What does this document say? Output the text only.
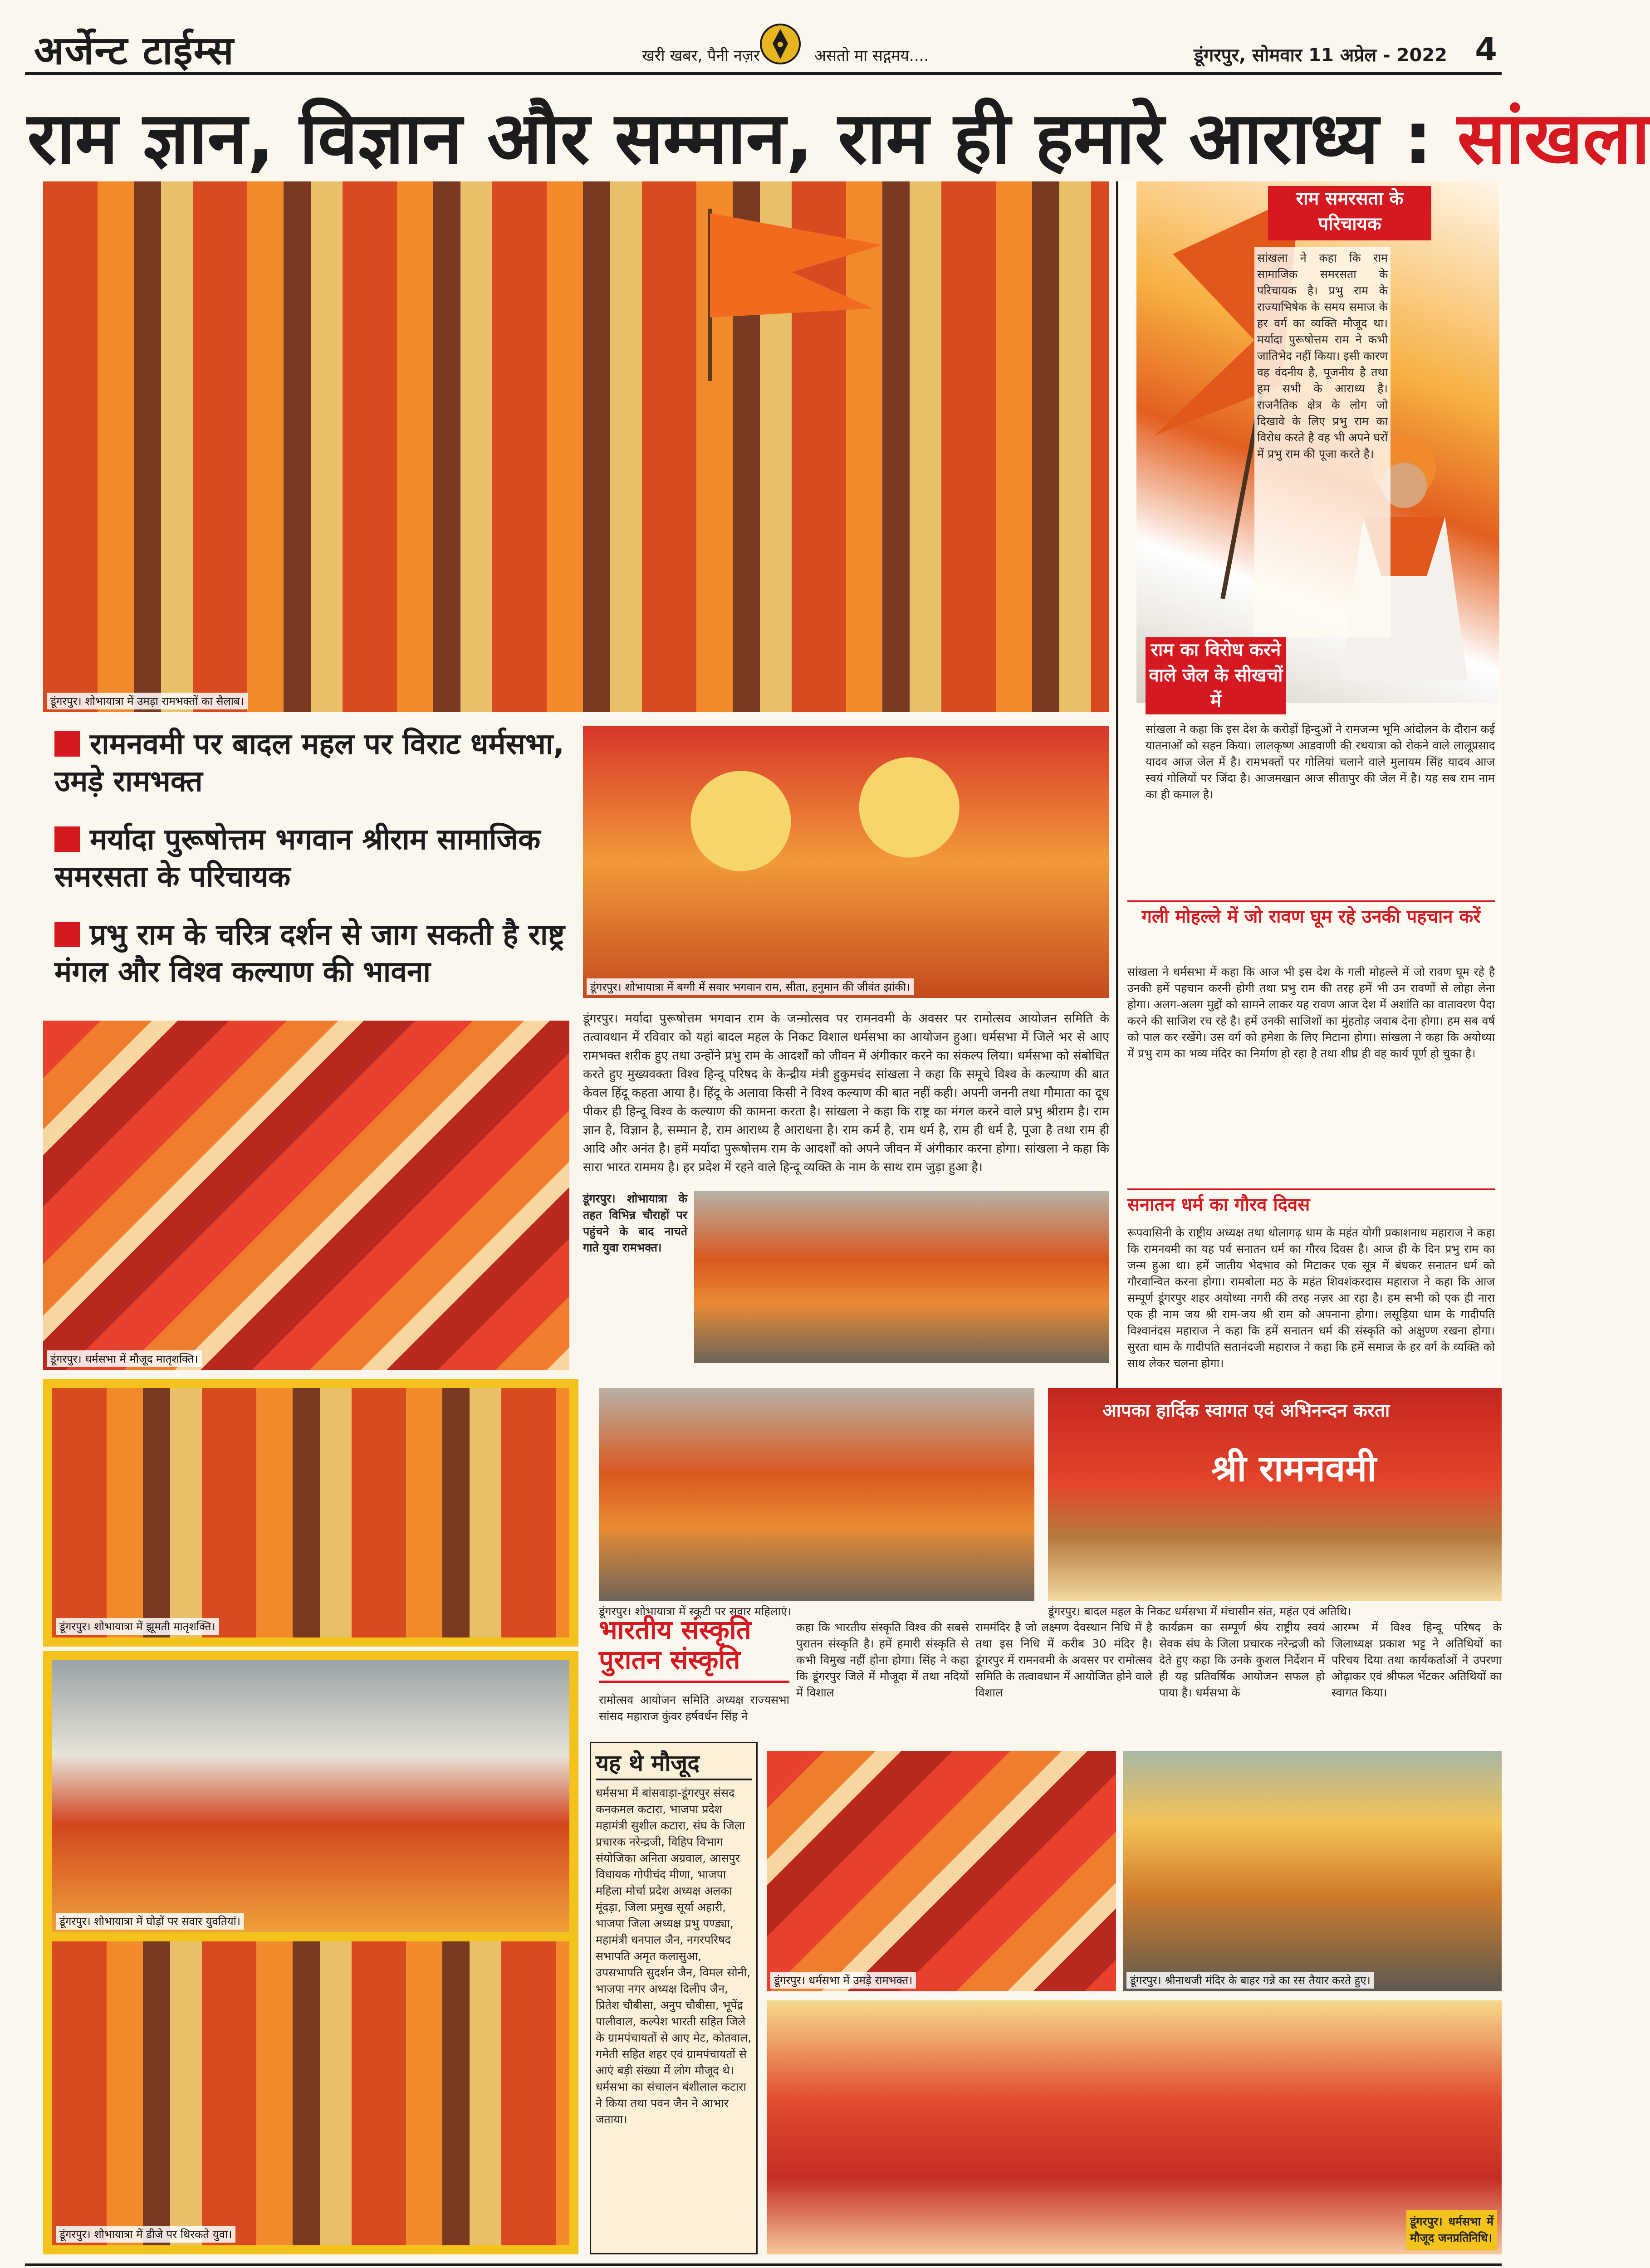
अर्जेन्ट टाईम्स	खरी खबर, पैनी नज़र	असतो मा सद्गमय....	डूंगरपुर, सोमवार 11 अप्रेल - 2022 4
राम ज्ञान, विज्ञान और सम्मान, राम ही हमारे आराध्य : सांखला
डूंगरपुर। शोभायात्रा में उमड़ा रामभक्तों का सैलाब।
राम समरसता के परिचायक
सांखला ने कहा कि राम सामाजिक समरसता के परिचायक है। प्रभु राम के राज्याभिषेक के समय समाज के हर वर्ग का व्यक्ति मौजूद था। मर्यादा पुरूषोत्तम राम ने कभी जातिभेद नहीं किया। इसी कारण वह वंदनीय है, पूजनीय है तथा हम सभी के आराध्य है। राजनैतिक क्षेत्र के लोग जो दिखावे के लिए प्रभु राम का विरोध करते है वह भी अपने घरों में प्रभु राम की पूजा करते है।
राम का विरोध करने वाले जेल के सीखचों में
सांखला ने कहा कि इस देश के करोड़ों हिन्दुओं ने रामजन्म भूमि आंदोलन के दौरान कई यातनाओं को सहन किया। लालकृष्ण आडवाणी की रथयात्रा को रोकने वाले लालूप्रसाद यादव आज जेल में है। रामभक्तों पर गोलियां चलाने वाले मुलायम सिंह यादव आज स्वयं गोलियों पर जिंदा है। आजमखान आज सीतापुर की जेल में है। यह सब राम नाम का ही कमाल है।
गली मोहल्ले में जो रावण घूम रहे उनकी पहचान करें
सांखला ने धर्मसभा में कहा कि आज भी इस देश के गली मोहल्ले में जो रावण घूम रहे है उनकी हमें पहचान करनी होगी तथा प्रभु राम की तरह हमें भी उन रावणों से लोहा लेना होगा। अलग-अलग मुद्दों को सामने लाकर यह रावण आज देश में अशांति का वातावरण पैदा करने की साजिश रच रहे है। हमें उनकी साजिशों का मुंहतोड़ जवाब देना होगा। हम सब वर्ष को पाल कर रखेंगे। उस वर्ग को हमेशा के लिए मिटाना होगा। सांखला ने कहा कि अयोध्या में प्रभु राम का भव्य मंदिर का निर्माण हो रहा है तथा शीघ्र ही वह कार्य पूर्ण हो चुका है।
सनातन धर्म का गौरव दिवस
रूपवासिनी के राष्ट्रीय अध्यक्ष तथा धोलागढ़ धाम के महंत योगी प्रकाशनाथ महाराज ने कहा कि रामनवमी का यह पर्व सनातन धर्म का गौरव दिवस है। आज ही के दिन प्रभु राम का जन्म हुआ था। हमें जातीय भेदभाव को मिटाकर एक सूत्र में बंधकर सनातन धर्म को गौरवान्वित करना होगा। रामबोला मठ के महंत शिवशंकरदास महाराज ने कहा कि आज सम्पूर्ण डूंगरपुर शहर अयोध्या नगरी की तरह नज़र आ रहा है। हम सभी को एक ही नारा एक ही नाम जय श्री राम-जय श्री राम को अपनाना होगा। लसूड़िया धाम के गादीपति विश्वानंदस महाराज ने कहा कि हमें सनातन धर्म की संस्कृति को अक्षुण्ण रखना होगा। सुरता धाम के गादीपति सतानंदजी महाराज ने कहा कि हमें समाज के हर वर्ग के व्यक्ति को साथ लेकर चलना होगा।
रामनवमी पर बादल महल पर विराट धर्मसभा, उमड़े रामभक्त
मर्यादा पुरूषोत्तम भगवान श्रीराम सामाजिक समरसता के परिचायक
प्रभु राम के चरित्र दर्शन से जाग सकती है राष्ट्र मंगल और विश्व कल्याण की भावना	डूंगरपुर। शोभायात्रा में बग्गी में सवार भगवान राम, सीता, हनुमान की जीवंत झांकी।
डूंगरपुर। मर्यादा पुरूषोत्तम भगवान राम के जन्मोत्सव पर रामनवमी के अवसर पर रामोत्सव आयोजन समिति के तत्वावधान में रविवार को यहां बादल महल के निकट विशाल धर्मसभा का आयोजन हुआ। धर्मसभा में जिले भर से आए रामभक्त शरीक हुए तथा उन्होंने प्रभु राम के आदर्शों को जीवन में अंगीकार करने का संकल्प लिया। धर्मसभा को संबोधित करते हुए मुख्यवक्ता विश्व हिन्दू परिषद के केन्द्रीय मंत्री हुकुमचंद सांखला ने कहा कि समूचे विश्व के कल्याण की बात केवल हिंदू कहता आया है। हिंदू के अलावा किसी ने विश्व कल्याण की बात नहीं कही। अपनी जननी तथा गौमाता का दूध पीकर ही हिन्दू विश्व के कल्याण की कामना करता है। सांखला ने कहा कि राष्ट्र का मंगल करने वाले प्रभु श्रीराम है। राम ज्ञान है, विज्ञान है, सम्मान है, राम आराध्य है आराधना है। राम कर्म है, राम धर्म है, राम ही धर्म है, पूजा है तथा राम ही आदि और अनंत है। हमें मर्यादा पुरूषोत्तम राम के आदर्शों को अपने जीवन में अंगीकार करना होगा। सांखला ने कहा कि सारा भारत राममय है। हर प्रदेश में रहने वाले हिन्दू व्यक्ति के नाम के साथ राम जुड़ा हुआ है।
डूंगरपुर। धर्मसभा में मौजूद मातृशक्ति।
डूंगरपुर। शोभायात्रा के तहत विभिन्न चौराहों पर पहुंचने के बाद नाचते गाते युवा रामभक्त।
डूंगरपुर। शोभायात्रा में झूमती मातृशक्ति।
डूंगरपुर। शोभायात्रा में स्कूटी पर सवार महिलाएं।
आपका हार्दिक स्वागत एवं अभिनन्दन करता
श्री रामनवमी
डूंगरपुर। बादल महल के निकट धर्मसभा में मंचासीन संत, महंत एवं अतिथि।
डूंगरपुर। शोभायात्रा में घोड़ों पर सवार युवतियां।
डूंगरपुर। शोभायात्रा में डीजे पर थिरकते युवा।
भारतीय संस्कृति पुरातन संस्कृति
रामोत्सव आयोजन समिति अध्यक्ष राज्यसभा सांसद महाराज कुंवर हर्षवर्धन सिंह ने
कहा कि भारतीय संस्कृति विश्व की सबसे पुरातन संस्कृति है। हमें हमारी संस्कृति से कभी विमुख नहीं होना होगा। सिंह ने कहा कि डूंगरपुर जिले में मौजूदा में तथा नदियों में विशाल
राममंदिर है जो लक्ष्मण देवस्थान निधि में है तथा इस निधि में करीब 30 मंदिर है। डूंगरपुर में रामनवमी के अवसर पर रामोत्सव समिति के तत्वावधान में आयोजित होने वाले विशाल
कार्यक्रम का सम्पूर्ण श्रेय राष्ट्रीय स्वयं सेवक संघ के जिला प्रचारक नरेन्द्रजी को देते हुए कहा कि उनके कुशल निर्देशन में ही यह प्रतिवर्षिक आयोजन सफल हो पाया है। धर्मसभा के
आरम्भ में विश्व हिन्दू परिषद के जिलाध्यक्ष प्रकाश भट्ट ने अतिथियों का परिचय दिया तथा कार्यकर्ताओं ने उपरणा ओढ़ाकर एवं श्रीफल भेंटकर अतिथियों का स्वागत किया।
यह थे मौजूद
धर्मसभा में बांसवाड़ा-डूंगरपुर संसद कनकमल कटारा, भाजपा प्रदेश महामंत्री सुशील कटारा, संघ के जिला प्रचारक नरेन्द्रजी, विहिप विभाग संयोजिका अनिता अग्रवाल, आसपुर विधायक गोपीचंद मीणा, भाजपा महिला मोर्चा प्रदेश अध्यक्ष अलका मूंदड़ा, जिला प्रमुख सूर्या अहारी, भाजपा जिला अध्यक्ष प्रभु पण्ड्या, महामंत्री धनपाल जैन, नगरपरिषद सभापति अमृत कलासुआ, उपसभापति सुदर्शन जैन, विमल सोनी, भाजपा नगर अध्यक्ष दिलीप जैन, प्रितेश चौबीसा, अनुप चौबीसा, भूपेंद्र पालीवाल, कल्पेश भारती सहित जिले के ग्रामपंचायतों से आए मेट, कोतवाल, गमेती सहित शहर एवं ग्रामपंचायतों से आएं बड़ी संख्या में लोग मौजूद थे। धर्मसभा का संचालन बंशीलाल कटारा ने किया तथा पवन जैन ने आभार जताया।
डूंगरपुर। धर्मसभा में उमड़े रामभक्त।	डूंगरपुर। श्रीनाथजी मंदिर के बाहर गन्ने का रस तैयार करते हुए।
डूंगरपुर। धर्मसभा में मौजूद जनप्रतिनिधि।
